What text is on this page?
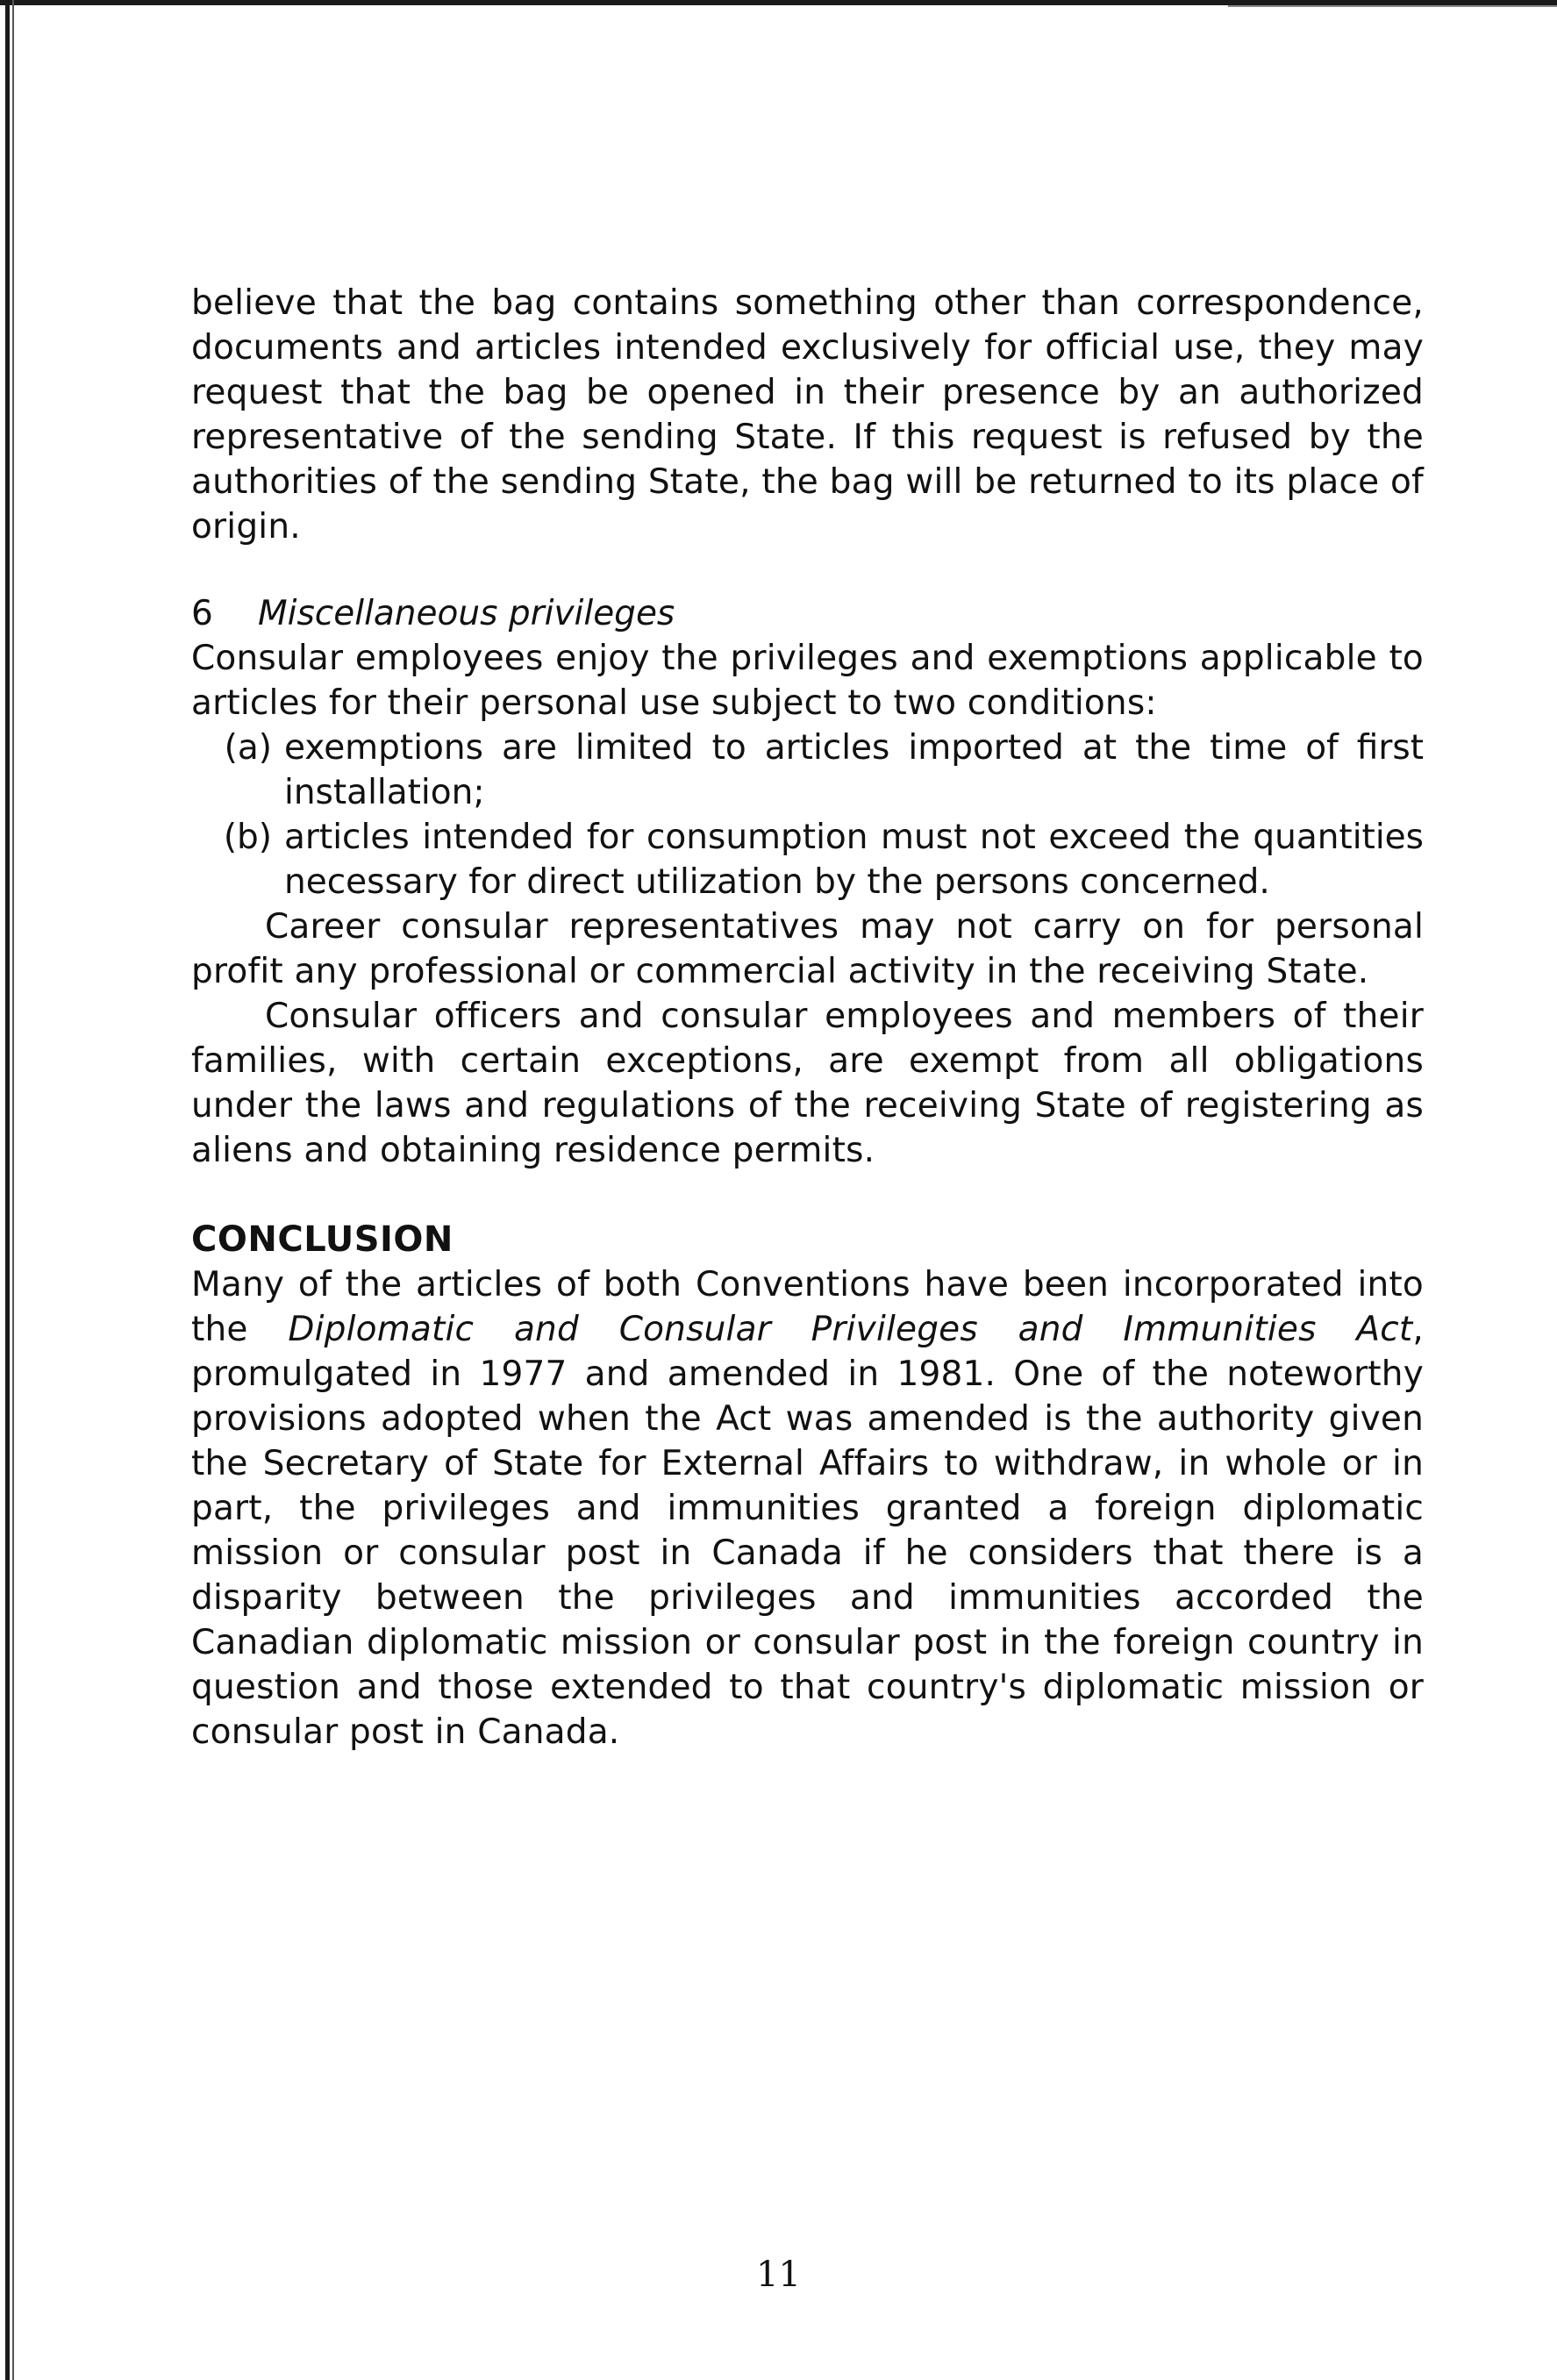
believe that the bag contains something other than correspondence, documents and articles intended exclusively for official use, they may request that the bag be opened in their presence by an authorized representative of the sending State. If this request is refused by the authorities of the sending State, the bag will be returned to its place of origin.

6 Miscellaneous privileges

Consular employees enjoy the privileges and exemptions applicable to articles for their personal use subject to two conditions:

(a) exemptions are limited to articles imported at the time of first installation;
(b) articles intended for consumption must not exceed the quantities necessary for direct utilization by the persons concerned.

Career consular representatives may not carry on for personal profit any professional or commercial activity in the receiving State.

Consular officers and consular employees and members of their families, with certain exceptions, are exempt from all obligations under the laws and regulations of the receiving State of registering as aliens and obtaining residence permits.

CONCLUSION

Many of the articles of both Conventions have been incorporated into the Diplomatic and Consular Privileges and Immunities Act, promulgated in 1977 and amended in 1981. One of the noteworthy provisions adopted when the Act was amended is the authority given the Secretary of State for External Affairs to withdraw, in whole or in part, the privileges and immunities granted a foreign diplomatic mission or consular post in Canada if he considers that there is a disparity between the privileges and immunities accorded the Canadian diplomatic mission or consular post in the foreign country in question and those extended to that country's diplomatic mission or consular post in Canada.

11
